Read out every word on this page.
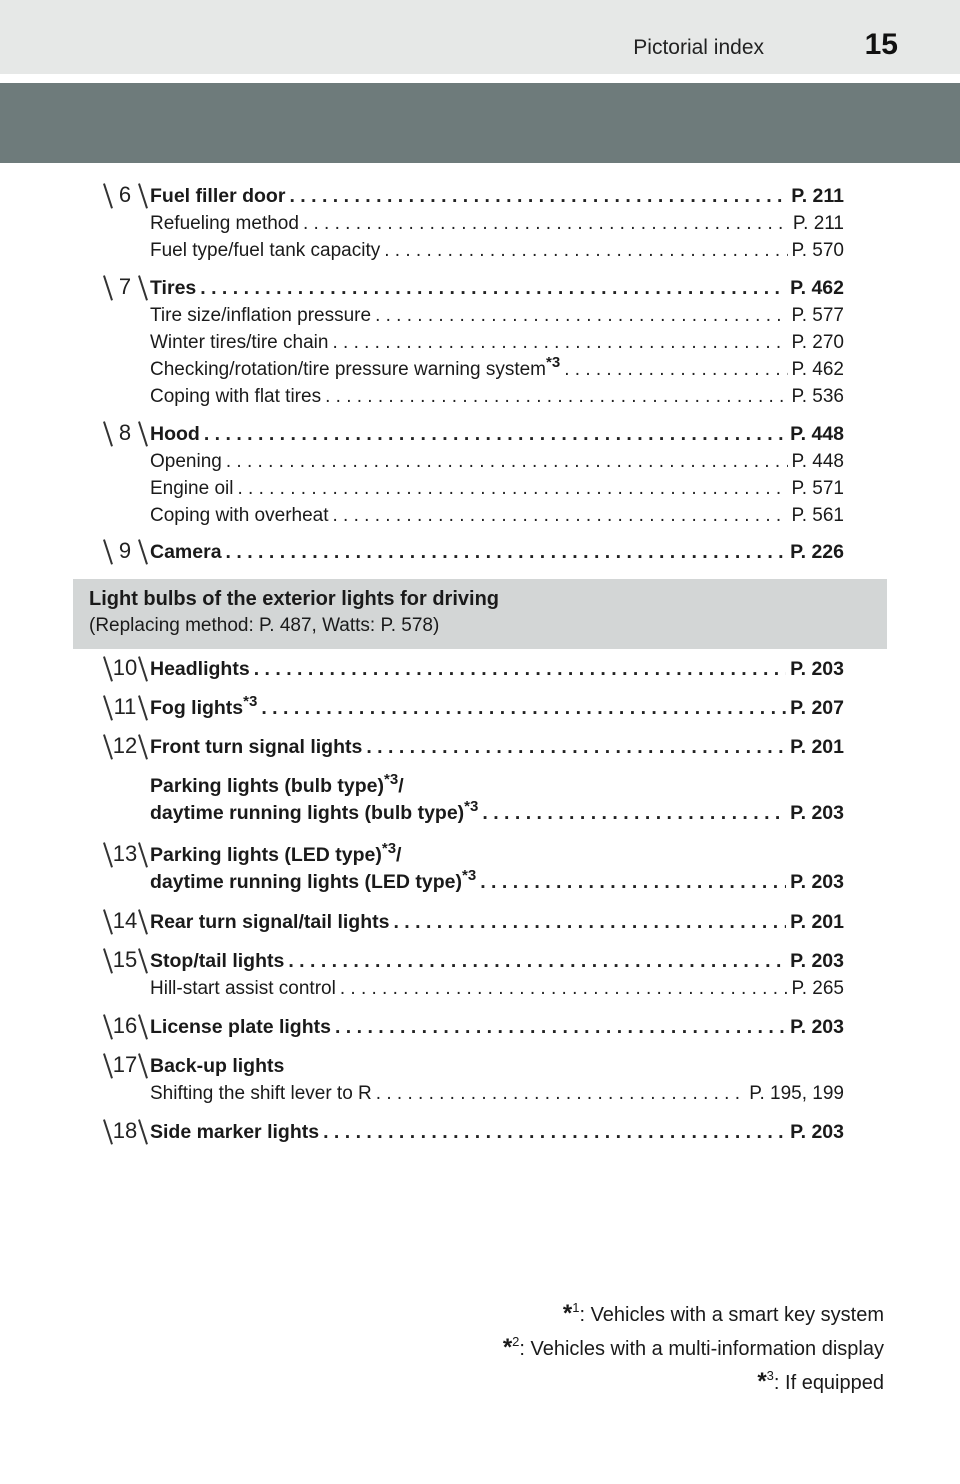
Pictorial index	15
6 Fuel filler door . . .	P. 211
Refueling method . . .	P. 211
Fuel type/fuel tank capacity . . .	P. 570
7 Tires . . .	P. 462
Tire size/inflation pressure . . .	P. 577
Winter tires/tire chain . . .	P. 270
Checking/rotation/tire pressure warning system$^{*3}$ . . .	P. 462
Coping with flat tires . . .	P. 536
8 Hood . . .	P. 448
Opening . . .	P. 448
Engine oil . . .	P. 571
Coping with overheat . . .	P. 561
9 Camera . . .	P. 226
Light bulbs of the exterior lights for driving
(Replacing method: P. 487, Watts: P. 578)
10 Headlights . . .	P. 203
11 Fog lights$^{*3}$ . . .	P. 207
12 Front turn signal lights . . .	P. 201
Parking lights (bulb type)$^{*3}$/
daytime running lights (bulb type)$^{*3}$ . . .	P. 203
13 Parking lights (LED type)$^{*3}$/
daytime running lights (LED type)$^{*3}$ . . .	P. 203
14 Rear turn signal/tail lights . . .	P. 201
15 Stop/tail lights . . .	P. 203
Hill-start assist control . . .	P. 265
16 License plate lights . . .	P. 203
17 Back-up lights
Shifting the shift lever to R . . .	P. 195, 199
18 Side marker lights . . .	P. 203
*$^1$: Vehicles with a smart key system
*$^2$: Vehicles with a multi-information display
*$^3$: If equipped
